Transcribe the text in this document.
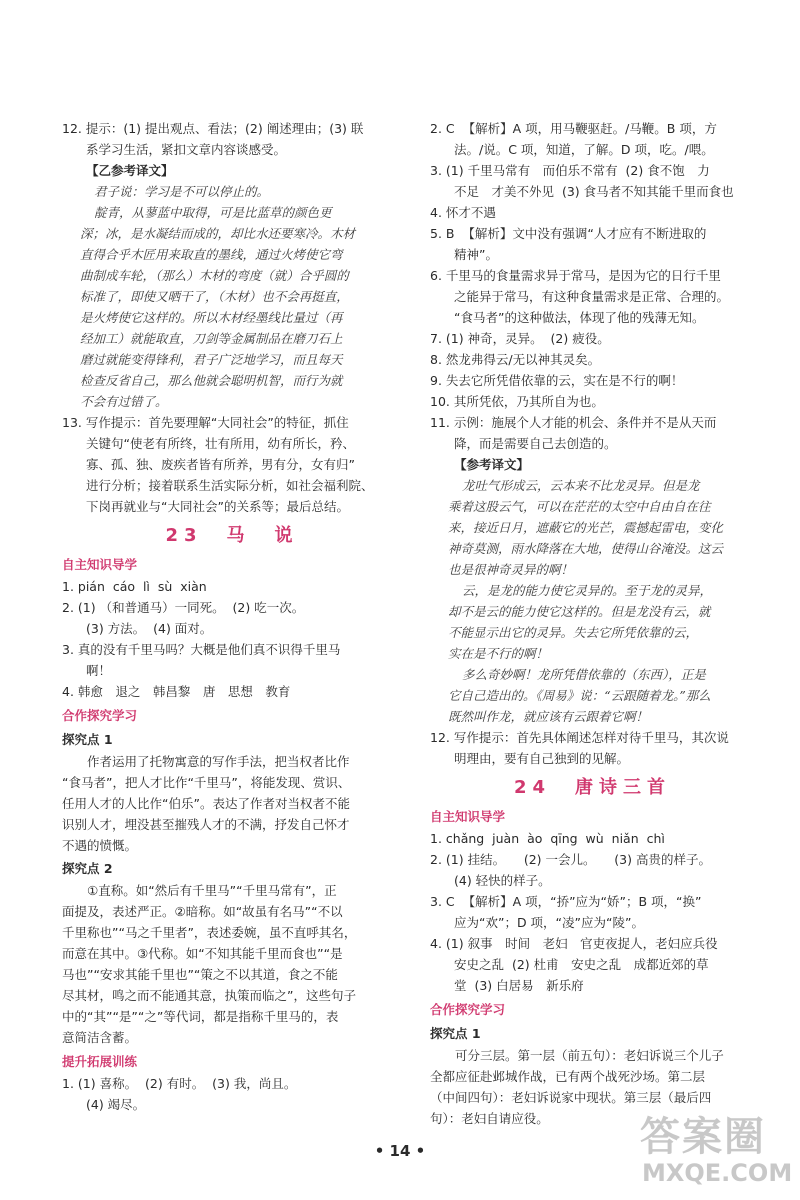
12. 提示：(1) 提出观点、看法；(2) 阐述理由；(3) 联

系学习生活，紧扣文章内容谈感受。

【乙参考译文】

君子说：学习是不可以停止的。

靛青，从蓼蓝中取得，可是比蓝草的颜色更

深；冰，是水凝结而成的，却比水还要寒冷。木材

直得合乎木匠用来取直的墨线，通过火烤使它弯

曲制成车轮，（那么）木材的弯度（就）合乎圆的

标准了，即使又晒干了，（木材）也不会再挺直，

是火烤使它这样的。所以木材经墨线比量过（再

经加工）就能取直，刀剑等金属制品在磨刀石上

磨过就能变得锋利，君子广泛地学习，而且每天

检查反省自己，那么他就会聪明机智，而行为就

不会有过错了。

13. 写作提示：首先要理解“大同社会”的特征，抓住

关键句“使老有所终，壮有所用，幼有所长，矜、

寡、孤、独、废疾者皆有所养，男有分，女有归”

进行分析；接着联系生活实际分析，如社会福利院、

下岗再就业与“大同社会”的关系等；最后总结。

23　马　说

自主知识导学

1. pián  cáo  lì  sù  xiàn

2. (1) （和普通马）一同死。  (2) 吃一次。

(3) 方法。  (4) 面对。

3. 真的没有千里马吗？大概是他们真不识得千里马

啊！

4. 韩愈　退之　韩昌黎　唐　思想　教育

合作探究学习

探究点 1

　　作者运用了托物寓意的写作手法，把当权者比作

“食马者”，把人才比作“千里马”，将能发现、赏识、

任用人才的人比作“伯乐”。表达了作者对当权者不能

识别人才，埋没甚至摧残人才的不满，抒发自己怀才

不遇的愤慨。

探究点 2

　　①直称。如“然后有千里马”“千里马常有”，正

面提及，表述严正。②暗称。如“故虽有名马”“不以

千里称也”“马之千里者”，表述委婉，虽不直呼其名，

而意在其中。③代称。如“不知其能千里而食也”“是

马也”“安求其能千里也”“策之不以其道，食之不能

尽其材，鸣之而不能通其意，执策而临之”，这些句子

中的“其”“是”“之”等代词，都是指称千里马的，表

意简洁含蓄。

提升拓展训练

1. (1) 喜称。  (2) 有时。  (3) 我，尚且。

(4) 竭尽。

2. C  【解析】A 项，用马鞭驱赶。/马鞭。B 项，方

法。/说。C 项，知道，了解。D 项，吃。/喂。

3. (1) 千里马常有　而伯乐不常有  (2) 食不饱　力

不足　才美不外见  (3) 食马者不知其能千里而食也

4. 怀才不遇

5. B  【解析】文中没有强调“人才应有不断进取的

精神”。

6. 千里马的食量需求异于常马，是因为它的日行千里

之能异于常马，有这种食量需求是正常、合理的。

“食马者”的这种做法，体现了他的残薄无知。

7. (1) 神奇，灵异。  (2) 疲役。

8. 然龙弗得云/无以神其灵矣。

9. 失去它所凭借依靠的云，实在是不行的啊！

10. 其所凭依，乃其所自为也。

11. 示例：施展个人才能的机会、条件并不是从天而

降，而是需要自己去创造的。

【参考译文】

龙吐气形成云，云本来不比龙灵异。但是龙

乘着这股云气，可以在茫茫的太空中自由自在往

来，接近日月，遮蔽它的光芒，震撼起雷电，变化

神奇莫测，雨水降落在大地，使得山谷淹没。这云

也是很神奇灵异的啊！

云，是龙的能力使它灵异的。至于龙的灵异，

却不是云的能力使它这样的。但是龙没有云，就

不能显示出它的灵异。失去它所凭依靠的云，

实在是不行的啊！

多么奇妙啊！龙所凭借依靠的（东西），正是

它自己造出的。《周易》说：“云跟随着龙。”那么

既然叫作龙，就应该有云跟着它啊！

12. 写作提示：首先具体阐述怎样对待千里马，其次说

明理由，要有自己独到的见解。

24　唐诗三首

自主知识导学

1. chǎng  juàn  ào  qīng  wù  niǎn  chì

2. (1) 挂结。　　(2) 一会儿。　　(3) 高贵的样子。

(4) 轻快的样子。

3. C  【解析】A 项，“挢”应为“娇”；B 项，“换”

应为“欢”；D 项，“凌”应为“陵”。

4. (1) 叙事　时间　老妇　官吏夜捉人，老妇应兵役

安史之乱  (2) 杜甫　安史之乱　成都近郊的草

堂  (3) 白居易　新乐府

合作探究学习

探究点 1

　　可分三层。第一层（前五句）：老妇诉说三个儿子

全都应征赴邺城作战，已有两个战死沙场。第二层

（中间四句）：老妇诉说家中现状。第三层（最后四

句）：老妇自请应役。

• 14 •	答案圈
MXQE.COM
